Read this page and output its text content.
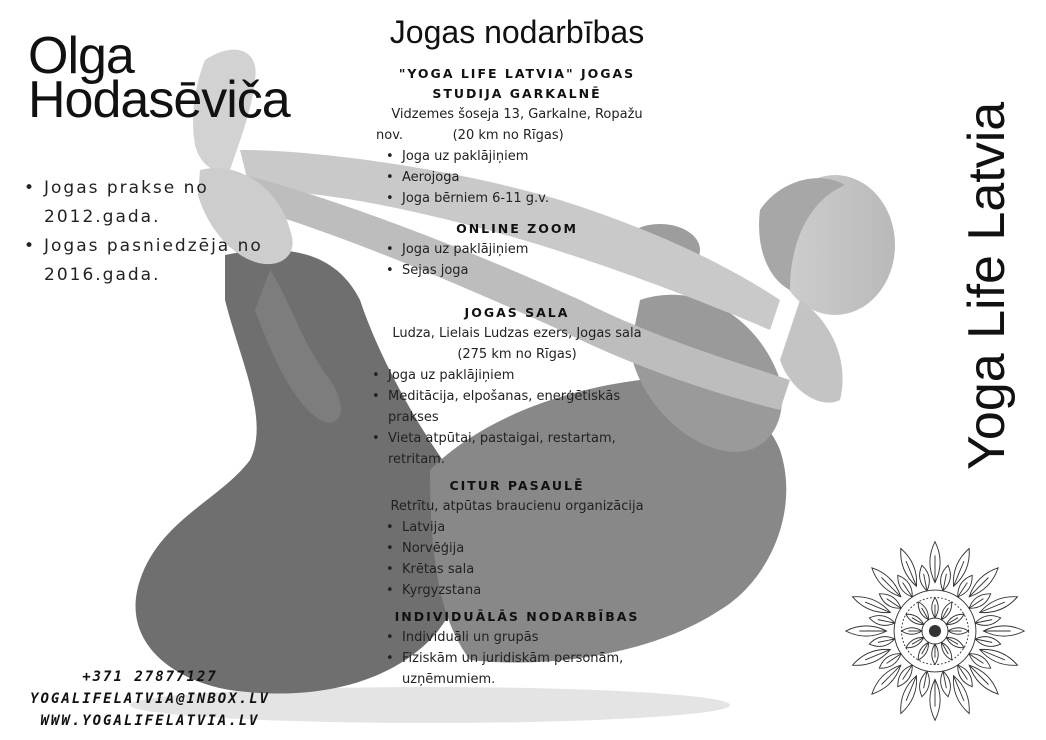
Olga
Hodasēviča
• Jogas prakse no 2012.gada.
• Jogas pasniedzēja no 2016.gada.
+371 27877127
YOGALIFELATVIA@INBOX.LV
WWW.YOGALIFELATVIA.LV
Jogas nodarbības
"YOGA LIFE LATVIA" JOGAS STUDIJA GARKALNĒ
Vidzemes šoseja 13, Garkalne, Ropažu
nov.            (20 km no Rīgas)
• Joga uz paklājiņiem
• Aerojoga
• Joga bērniem 6-11 g.v.
ONLINE ZOOM
• Joga uz paklājiņiem
• Sejas joga
JOGAS SALA
Ludza, Lielais Ludzas ezers, Jogas sala
(275 km no Rīgas)
• Joga uz paklājiņiem
• Meditācija, elpošanas, enerģētiskās prakses
• Vieta atpūtai, pastaigai, restartam, retritam.
CITUR PASAULĒ
Retrītu, atpūtas braucienu organizācija
• Latvija
• Norvēģija
• Krētas sala
• Kyrgyzstana
INDIVIDUĀLĀS NODARBĪBAS
• Individuāli un grupās
• Fiziskām un juridiskām personām, uzņēmumiem.
Yoga Life Latvia
